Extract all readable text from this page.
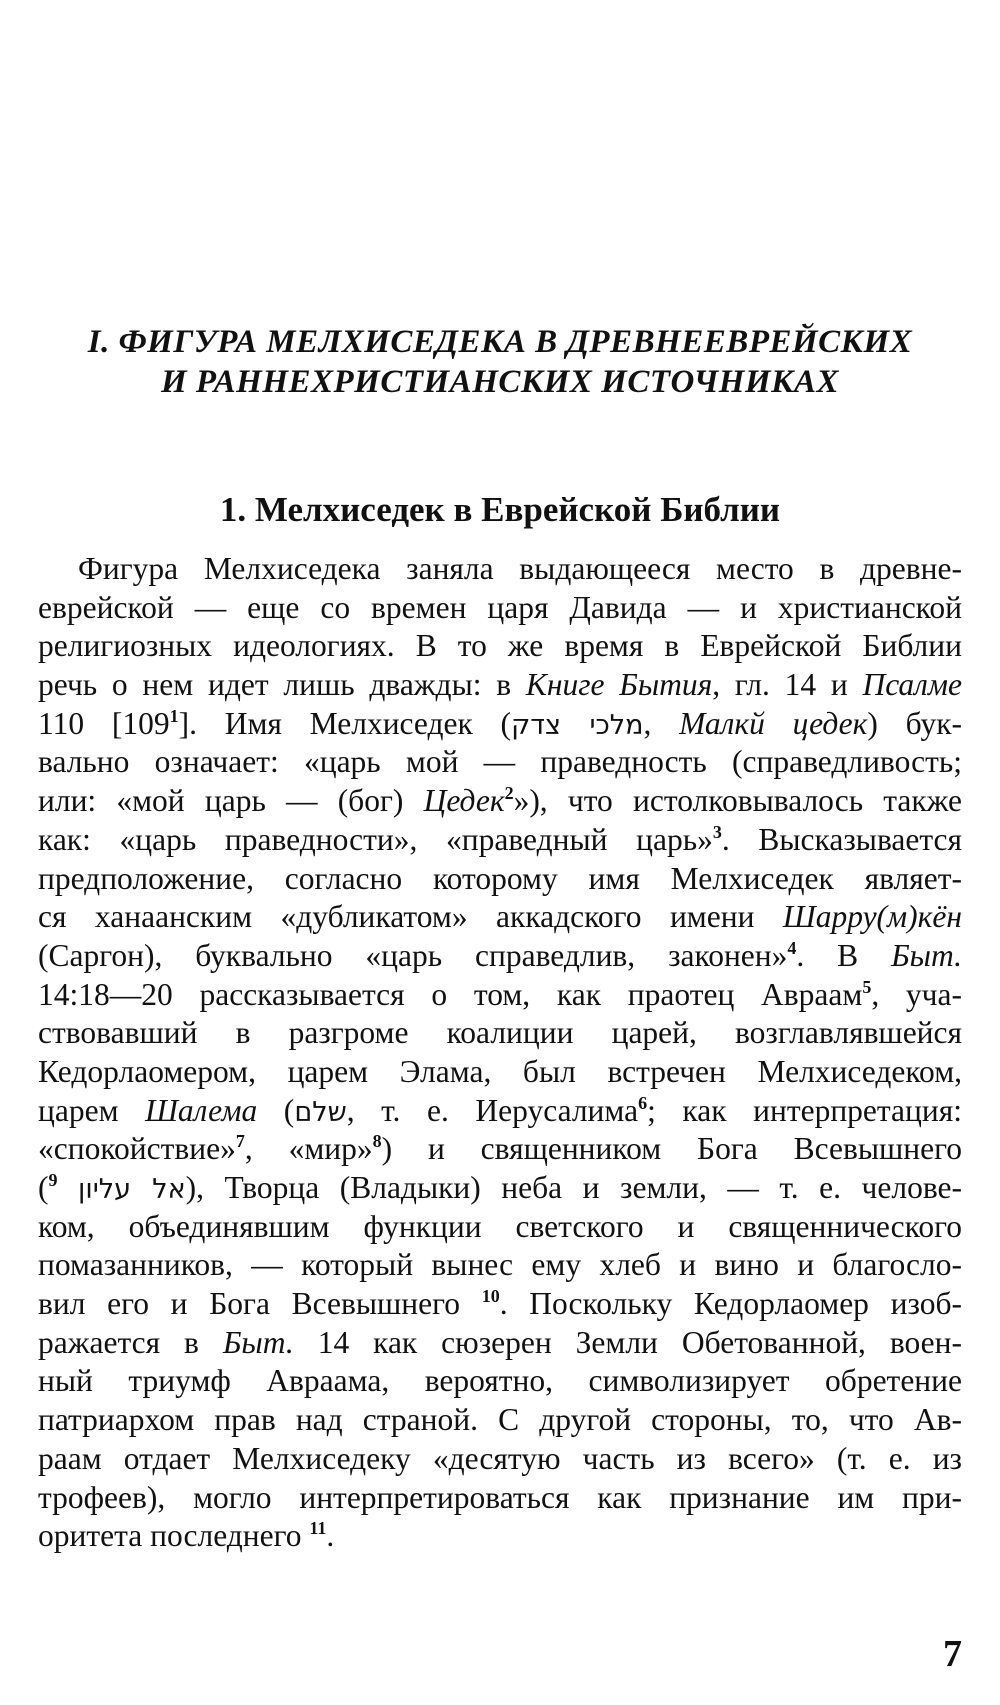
I. ФИГУРА МЕЛХИСЕДЕКА В ДРЕВНЕЕВРЕЙСКИХ
И РАННЕХРИСТИАНСКИХ ИСТОЧНИКАХ
1. Мелхиседек в Еврейской Библии
Фигура Мелхиседека заняла выдающееся место в древне-
еврейской — еще со времен царя Давида — и христианской
религиозных идеологиях. В то же время в Еврейской Библии
речь о нем идет лишь дважды: в Книге Бытия, гл. 14 и Псалме
110 $[109^1]$. Имя Мелхиседек (מלכי צדק, Малкй цедек) бук-
вально означает: «царь мой — праведность (справедливость;
или: «мой царь — (бог) Цедек$^2$»), что истолковывалось также
как: «царь праведности», «праведный царь»$^3$. Высказывается
предположение, согласно которому имя Мелхиседек являет-
ся ханаанским «дубликатом» аккадского имени Шарру(м)кён
(Саргон), буквально «царь справедлив, законен»$^4$. В Быт.
14:18—20 рассказывается о том, как праотец Авраам$^5$, уча-
ствовавший в разгроме коалиции царей, возглавлявшейся
Кедорлаомером, царем Элама, был встречен Мелхиседеком,
царем Шалема (שלם, т. е. Иерусалима$^6$; как интерпретация:
«спокойствие»$^7$, «мир»$^8$) и священником Бога Всевышнего
($^9$ אל עליון), Творца (Владыки) неба и земли, — т. е. челове-
ком, объединявшим функции светского и священнического
помазанников, — который вынес ему хлеб и вино и благосло-
вил его и Бога Всевышнего $^{10}$. Поскольку Кедорлаомер изоб-
ражается в Быт. 14 как сюзерен Земли Обетованной, воен-
ный триумф Авраама, вероятно, символизирует обретение
патриархом прав над страной. С другой стороны, то, что Ав-
раам отдает Мелхиседеку «десятую часть из всего» (т. е. из
трофеев), могло интерпретироваться как признание им при-
оритета последнего $^{11}$.
7
